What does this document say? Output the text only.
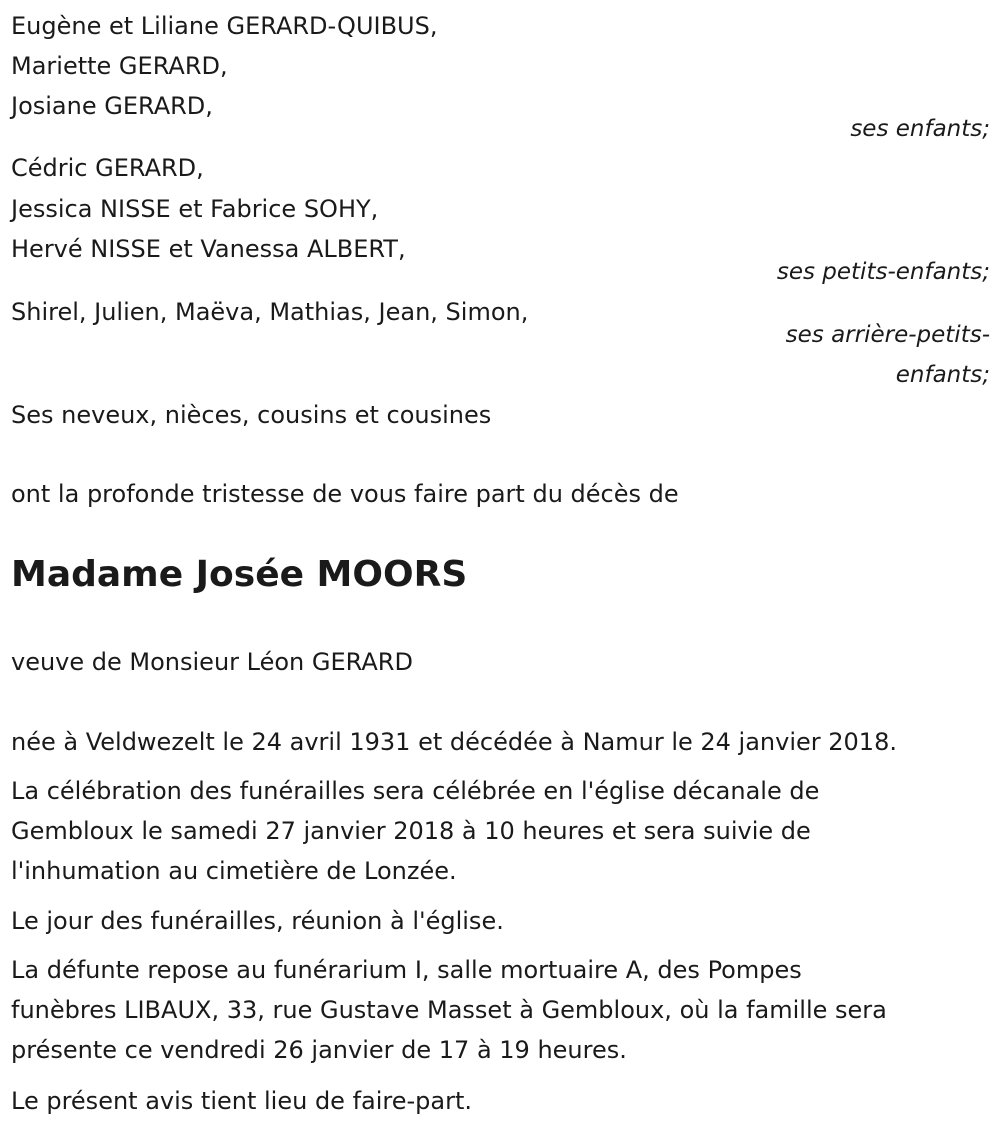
Eugène et Liliane GERARD-QUIBUS,

Mariette GERARD,

Josiane GERARD,

ses enfants;

Cédric GERARD,

Jessica NISSE et Fabrice SOHY,

Hervé NISSE et Vanessa ALBERT,

ses petits-enfants;

Shirel, Julien, Maëva, Mathias, Jean, Simon,

ses arrière-petits-

enfants;

Ses neveux, nièces, cousins et cousines

ont la profonde tristesse de vous faire part du décès de

Madame Josée MOORS

veuve de Monsieur Léon GERARD

née à Veldwezelt le 24 avril 1931 et décédée à Namur le 24 janvier 2018.

La célébration des funérailles sera célébrée en l'église décanale de

Gembloux le samedi 27 janvier 2018 à 10 heures et sera suivie de

l'inhumation au cimetière de Lonzée.

Le jour des funérailles, réunion à l'église.

La défunte repose au funérarium I, salle mortuaire A, des Pompes

funèbres LIBAUX, 33, rue Gustave Masset à Gembloux, où la famille sera

présente ce vendredi 26 janvier de 17 à 19 heures.

Le présent avis tient lieu de faire-part.
